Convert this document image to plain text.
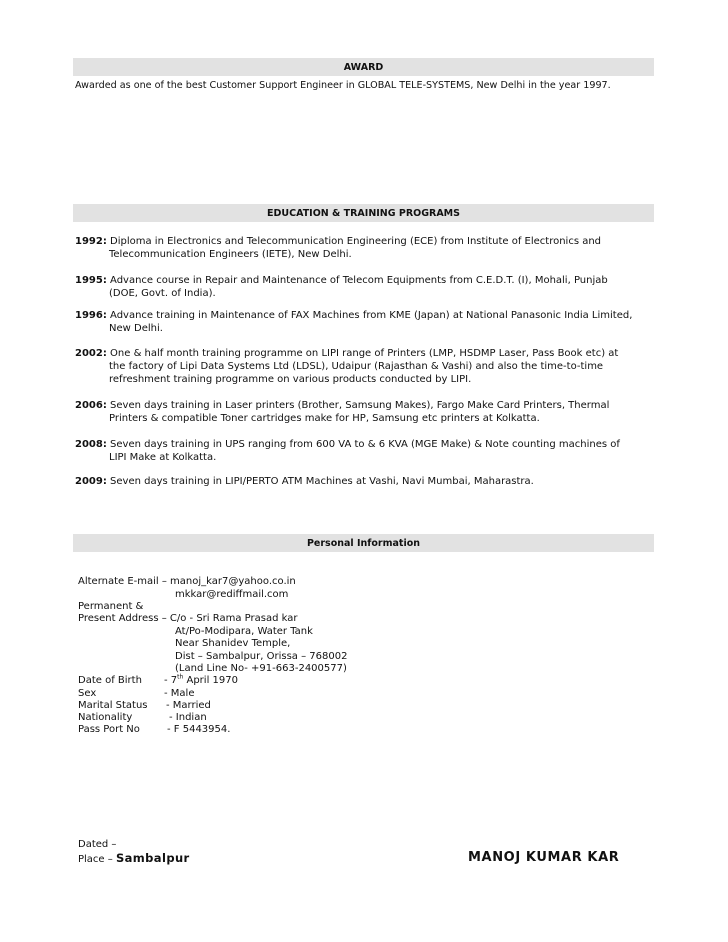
AWARD
Awarded as one of the best Customer Support Engineer in GLOBAL TELE-SYSTEMS, New Delhi in the year 1997.
EDUCATION & TRAINING PROGRAMS
1992: Diploma in Electronics and Telecommunication Engineering (ECE) from Institute of Electronics and
Telecommunication Engineers (IETE), New Delhi.
1995: Advance course in Repair and Maintenance of Telecom Equipments from C.E.D.T. (I), Mohali, Punjab
(DOE, Govt. of India).
1996: Advance training in Maintenance of FAX Machines from KME (Japan) at National Panasonic India Limited,
New Delhi.
2002: One & half month training programme on LIPI range of Printers (LMP, HSDMP Laser, Pass Book etc) at
the factory of Lipi Data Systems Ltd (LDSL), Udaipur (Rajasthan & Vashi) and also the time-to-time
refreshment training programme on various products conducted by LIPI.
2006: Seven days training in Laser printers (Brother, Samsung Makes), Fargo Make Card Printers, Thermal
Printers & compatible Toner cartridges make for HP, Samsung etc printers at Kolkatta.
2008: Seven days training in UPS ranging from 600 VA to & 6 KVA (MGE Make) & Note counting machines of
LIPI Make at Kolkatta.
2009: Seven days training in LIPI/PERTO ATM Machines at Vashi, Navi Mumbai, Maharastra.
Personal Information
Alternate E-mail – manoj_kar7@yahoo.co.in
mkkar@rediffmail.com
Permanent &
Present Address – C/o - Sri Rama Prasad kar
At/Po-Modipara, Water Tank
Near Shanidev Temple,
Dist – Sambalpur, Orissa – 768002
(Land Line No- +91-663-2400577)
Date of Birth - 7th April 1970
Sex	- Male
Marital Status - Married
Nationality	- Indian
Pass Port No	- F 5443954.
Dated –
Place – Sambalpur	MANOJ KUMAR KAR
